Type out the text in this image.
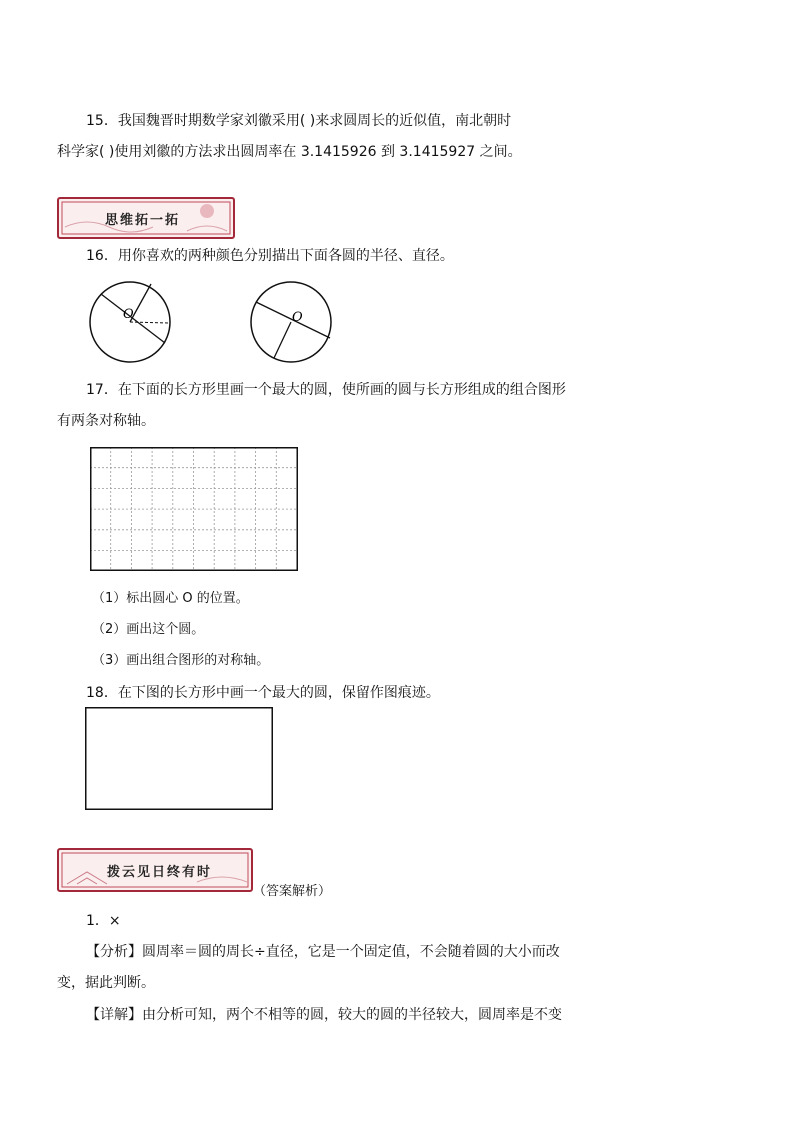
15．我国魏晋时期数学家刘徽采用( )来求圆周长的近似值，南北朝时
科学家( )使用刘徽的方法求出圆周率在 3.1415926 到 3.1415927 之间。
思维拓一拓
16．用你喜欢的两种颜色分别描出下面各圆的半径、直径。
O	O
17．在下面的长方形里画一个最大的圆，使所画的圆与长方形组成的组合图形
有两条对称轴。
（1）标出圆心 O 的位置。
（2）画出这个圆。
（3）画出组合图形的对称轴。
18．在下图的长方形中画一个最大的圆，保留作图痕迹。
拨云见日终有时
（答案解析）
1．×
【分析】圆周率＝圆的周长÷直径，它是一个固定值，不会随着圆的大小而改
变，据此判断。
【详解】由分析可知，两个不相等的圆，较大的圆的半径较大，圆周率是不变
